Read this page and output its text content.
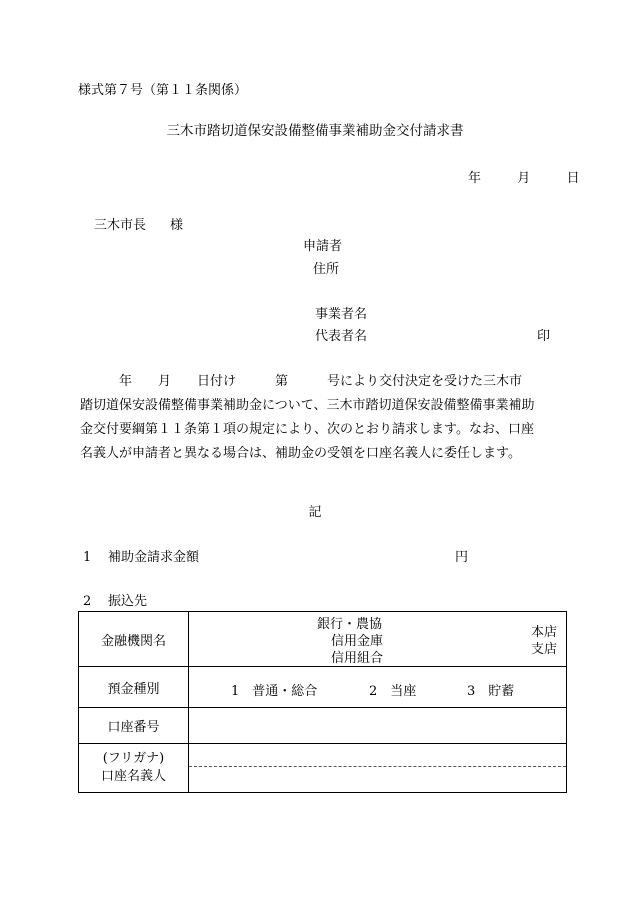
様式第７号（第１１条関係）
三木市踏切道保安設備整備事業補助金交付請求書
年	月	日
三木市長 様
申請者
住所
事業者名
代表者名	印
　　　年　　月　　日付け　　　第　　　号により交付決定を受けた三木市
踏切道保安設備整備事業補助金について、三木市踏切道保安設備整備事業補助
金交付要綱第１１条第１項の規定により、次のとおり請求します。なお、口座
名義人が申請者と異なる場合は、補助金の受領を口座名義人に委任します。
記
1 補助金請求金額	円
2 振込先
金融機関名	銀行・農協
信用金庫
信用組合
本店
支店

預金種別	1　普通・総合 2　当座 3　貯蓄

口座番号	

(フリガナ)
口座名義人	
